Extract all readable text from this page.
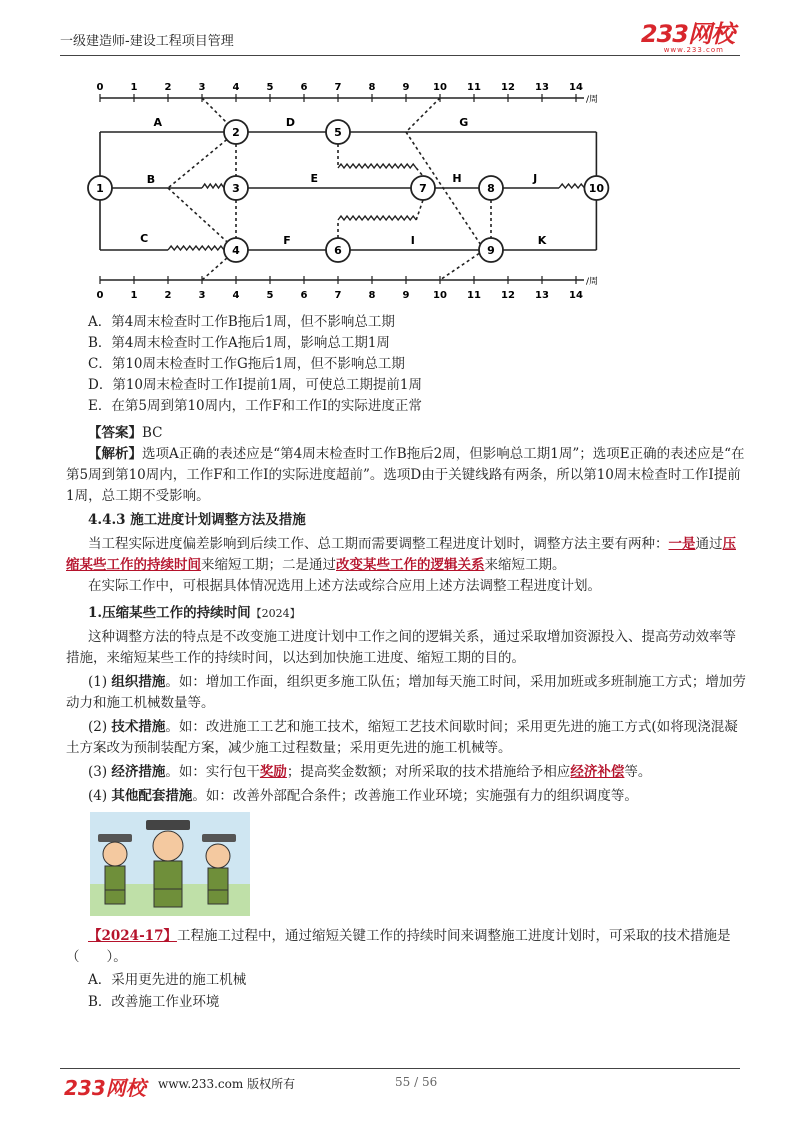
一级建造师-建设工程项目管理	233网校
www.233.com
0	1	2	3	4	5	6	7	8	9 10 11 12 13 14
/周
0	1	2	3	4	5	6	7	8	9 10 11 12 13 14
/周
A
B
C
D
E
F
G
H
I
J
K
1
2
3
4
5
6
7	8
9
10
A．第4周末检查时工作B拖后1周，但不影响总工期
B．第4周末检查时工作A拖后1周，影响总工期1周
C．第10周末检查时工作G拖后1周，但不影响总工期
D．第10周末检查时工作I提前1周，可使总工期提前1周
E．在第5周到第10周内，工作F和工作I的实际进度正常
【答案】BC
【解析】选项A正确的表述应是“第4周末检查时工作B拖后2周，但影响总工期1周”；选项E正确的表述应是“在第5周到第10周内，工作F和工作I的实际进度超前”。选项D由于关键线路有两条，所以第10周末检查时工作I提前1周，总工期不受影响。
4.4.3 施工进度计划调整方法及措施
当工程实际进度偏差影响到后续工作、总工期而需要调整工程进度计划时，调整方法主要有两种：一是通过压缩某些工作的持续时间来缩短工期；二是通过改变某些工作的逻辑关系来缩短工期。
在实际工作中，可根据具体情况选用上述方法或综合应用上述方法调整工程进度计划。
1.压缩某些工作的持续时间【2024】
这种调整方法的特点是不改变施工进度计划中工作之间的逻辑关系，通过采取增加资源投入、提高劳动效率等措施，来缩短某些工作的持续时间，以达到加快施工进度、缩短工期的目的。
(1) 组织措施。如：增加工作面，组织更多施工队伍；增加每天施工时间，采用加班或多班制施工方式；增加劳动力和施工机械数量等。
(2) 技术措施。如：改进施工工艺和施工技术，缩短工艺技术间歇时间；采用更先进的施工方式(如将现浇混凝土方案改为预制装配方案，减少施工过程数量；采用更先进的施工机械等。
(3) 经济措施。如：实行包干奖励；提高奖金数额；对所采取的技术措施给予相应经济补偿等。
(4) 其他配套措施。如：改善外部配合条件；改善施工作业环境；实施强有力的组织调度等。
【2024-17】工程施工过程中，通过缩短关键工作的持续时间来调整施工进度计划时，可采取的技术措施是（　　）。
A．采用更先进的施工机械
B．改善施工作业环境
233网校 www.233.com 版权所有	55 / 56
